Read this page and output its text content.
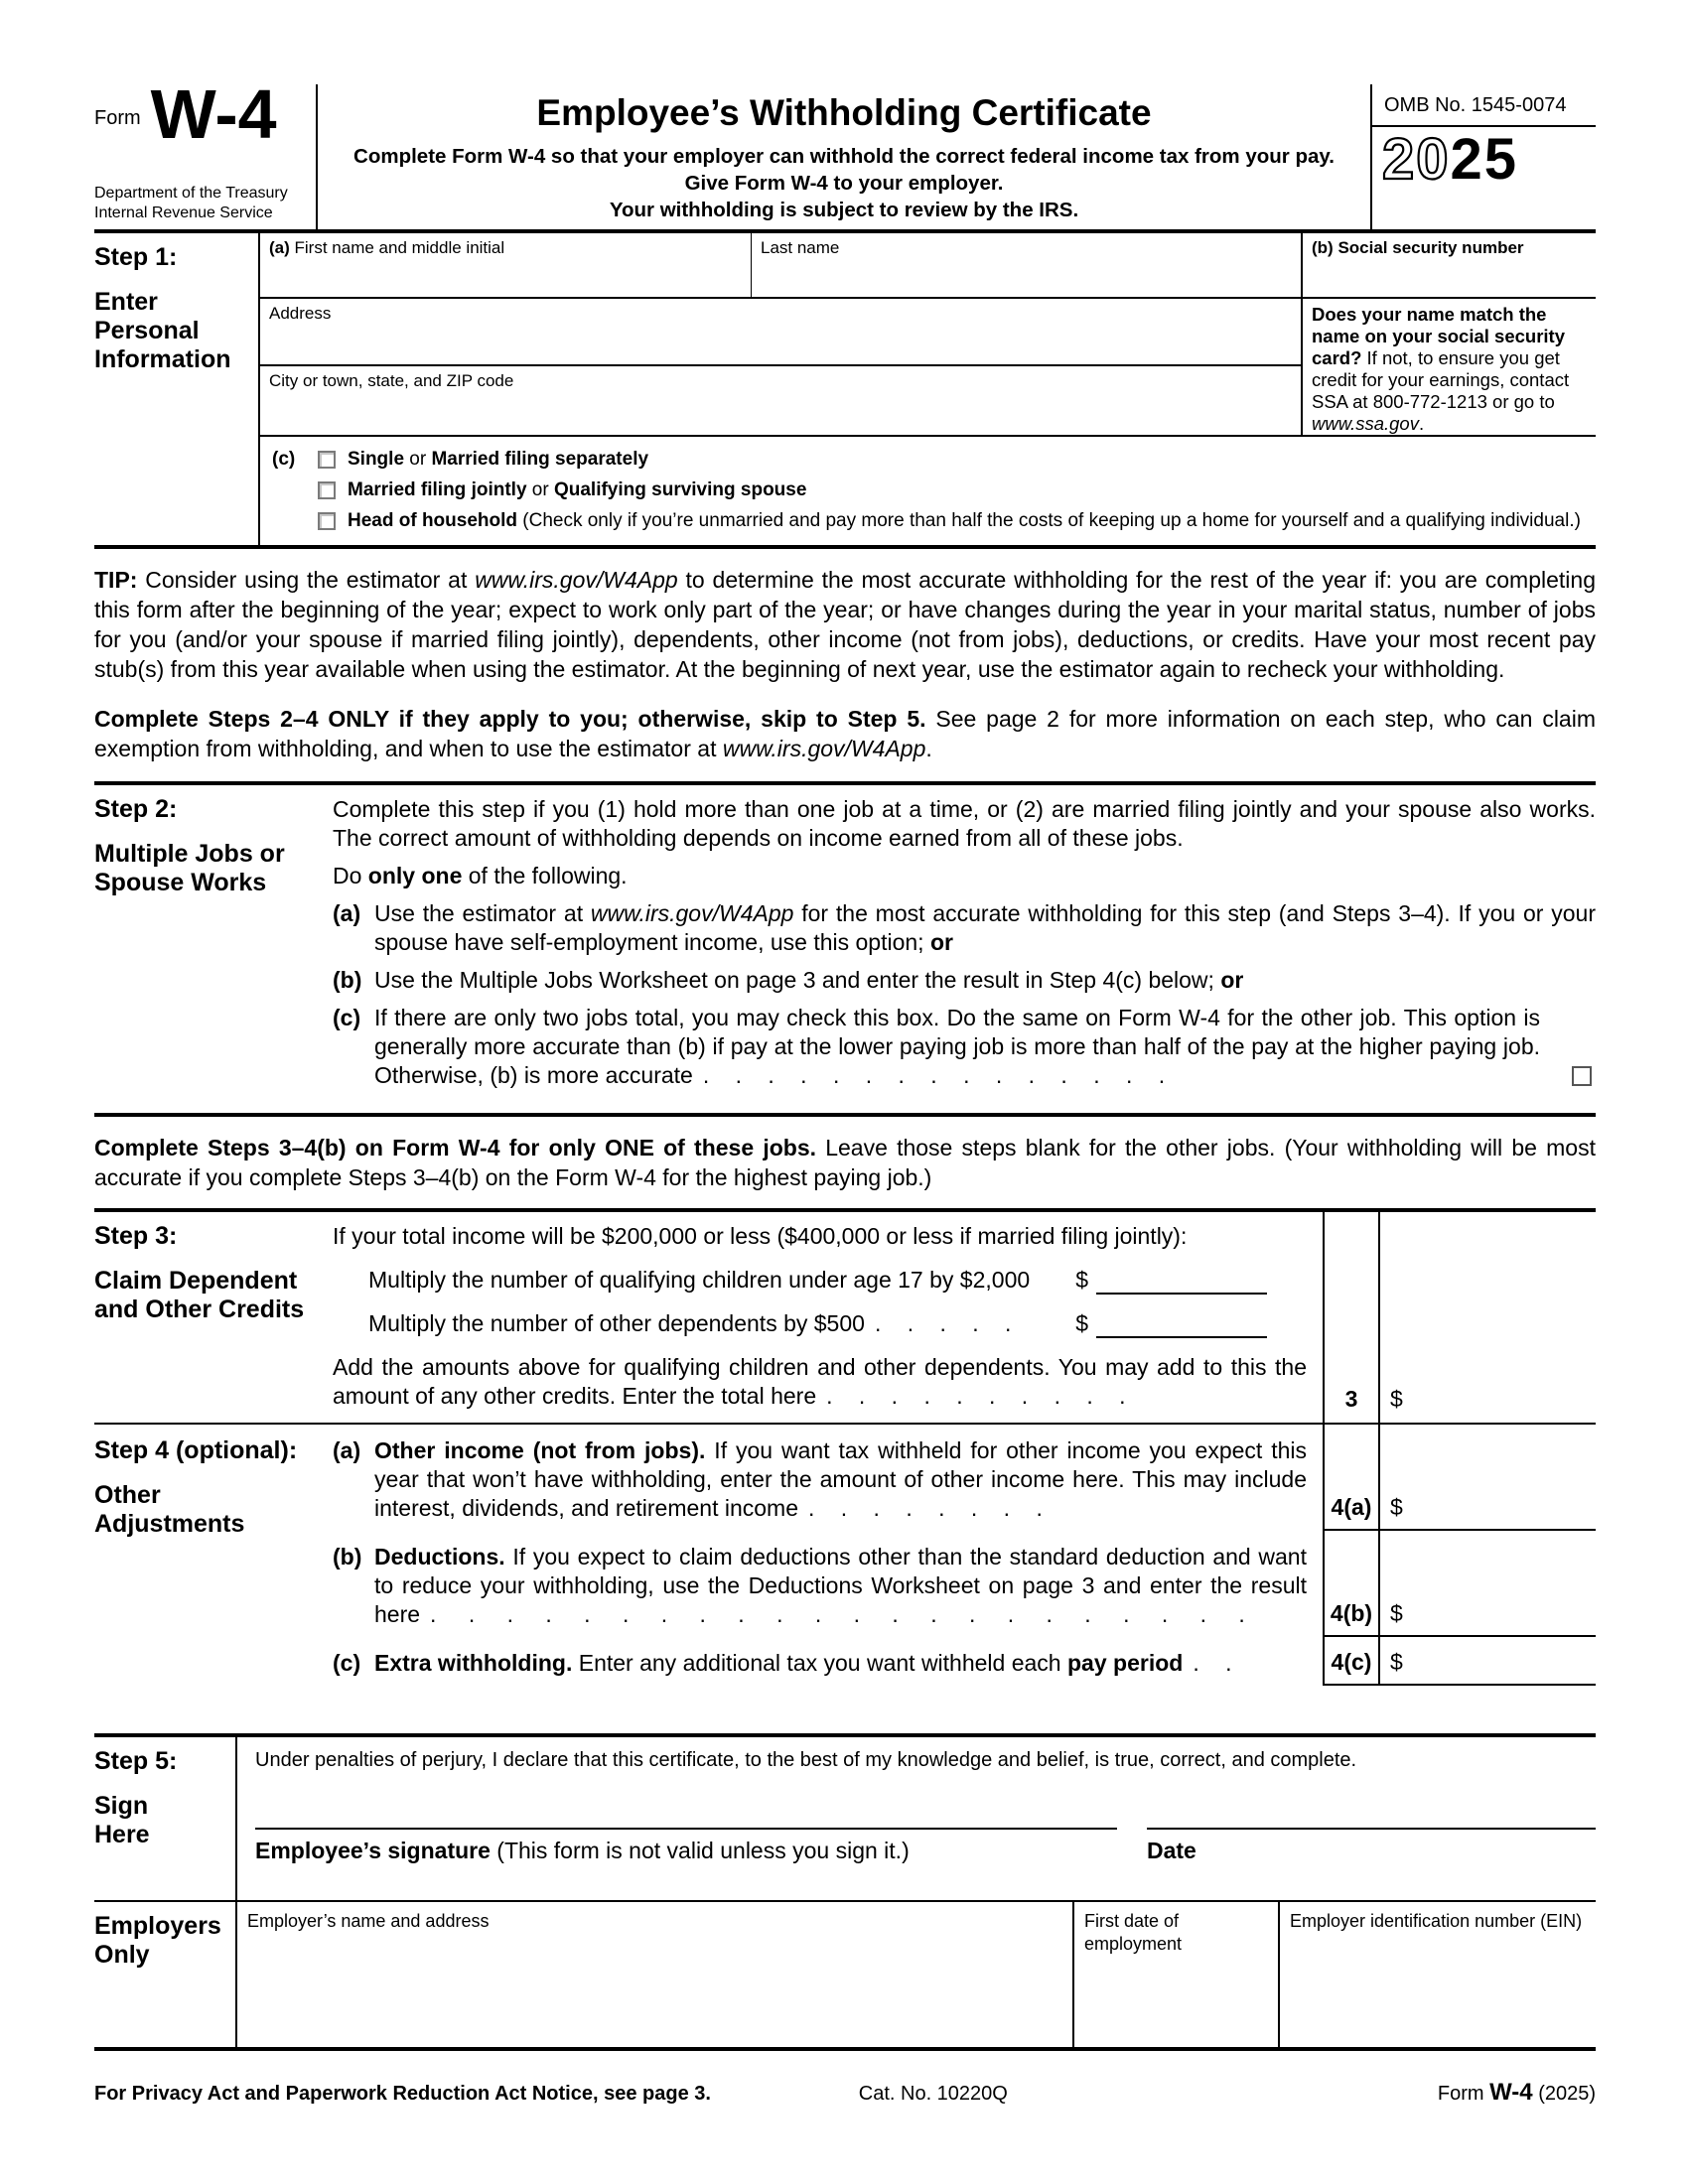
Form W-4
Department of the Treasury
Internal Revenue Service
Employee’s Withholding Certificate
Complete Form W-4 so that your employer can withhold the correct federal income tax from your pay.
Give Form W-4 to your employer.
Your withholding is subject to review by the IRS.
OMB No. 1545-0074
20 25
Step 1:
Enter Personal Information
(a) First name and middle initial	Last name
Address
City or town, state, and ZIP code
(b) Social security number
Does your name match the name on your social security card? If not, to ensure you get credit for your earnings, contact SSA at 800-772-1213 or go to www.ssa.gov.
(c)	Single or Married filing separately
Married filing jointly or Qualifying surviving spouse
Head of household (Check only if you’re unmarried and pay more than half the costs of keeping up a home for yourself and a qualifying individual.)
TIP: Consider using the estimator at www.irs.gov/W4App to determine the most accurate withholding for the rest of the year if: you are completing this form after the beginning of the year; expect to work only part of the year; or have changes during the year in your marital status, number of jobs for you (and/or your spouse if married filing jointly), dependents, other income (not from jobs), deductions, or credits. Have your most recent pay stub(s) from this year available when using the estimator. At the beginning of next year, use the estimator again to recheck your withholding.
Complete Steps 2–4 ONLY if they apply to you; otherwise, skip to Step 5. See page 2 for more information on each step, who can claim exemption from withholding, and when to use the estimator at www.irs.gov/W4App.
Step 2:
Multiple Jobs or Spouse Works
Complete this step if you (1) hold more than one job at a time, or (2) are married filing jointly and your spouse also works. The correct amount of withholding depends on income earned from all of these jobs.
Do only one of the following.
(a) Use the estimator at www.irs.gov/W4App for the most accurate withholding for this step (and Steps 3–4). If you or your spouse have self-employment income, use this option; or
(b) Use the Multiple Jobs Worksheet on page 3 and enter the result in Step 4(c) below; or
(c) If there are only two jobs total, you may check this box. Do the same on Form W-4 for the other job. This option is generally more accurate than (b) if pay at the lower paying job is more than half of the pay at the higher paying job. Otherwise, (b) is more accurate . . . . . . . . . . . . . . .
Complete Steps 3–4(b) on Form W-4 for only ONE of these jobs. Leave those steps blank for the other jobs. (Your withholding will be most accurate if you complete Steps 3–4(b) on the Form W-4 for the highest paying job.)
Step 3:
Claim Dependent and Other Credits
If your total income will be $200,000 or less ($400,000 or less if married filing jointly):
Multiply the number of qualifying children under age 17 by $2,000 $
Multiply the number of other dependents by $500 . . . . .	$
Add the amounts above for qualifying children and other dependents. You may add to this the amount of any other credits. Enter the total here . . . . . . . . . .	3	$
Step 4 (optional):
Other Adjustments
(a) Other income (not from jobs). If you want tax withheld for other income you expect this year that won’t have withholding, enter the amount of other income here. This may include interest, dividends, and retirement income . . . . . . . .	4(a) $
(b) Deductions. If you expect to claim deductions other than the standard deduction and want to reduce your withholding, use the Deductions Worksheet on page 3 and enter the result here . . . . . . . . . . . . . . . . . . . . . .	4(b) $
(c) Extra withholding. Enter any additional tax you want withheld each pay period . .	4(c) $
Step 5:
Sign Here
Under penalties of perjury, I declare that this certificate, to the best of my knowledge and belief, is true, correct, and complete.
Employee’s signature (This form is not valid unless you sign it.)	Date
Employers Only
Employer’s name and address	First date of employment
Employer identification number (EIN)
For Privacy Act and Paperwork Reduction Act Notice, see page 3.	Cat. No. 10220Q	Form W-4 (2025)
